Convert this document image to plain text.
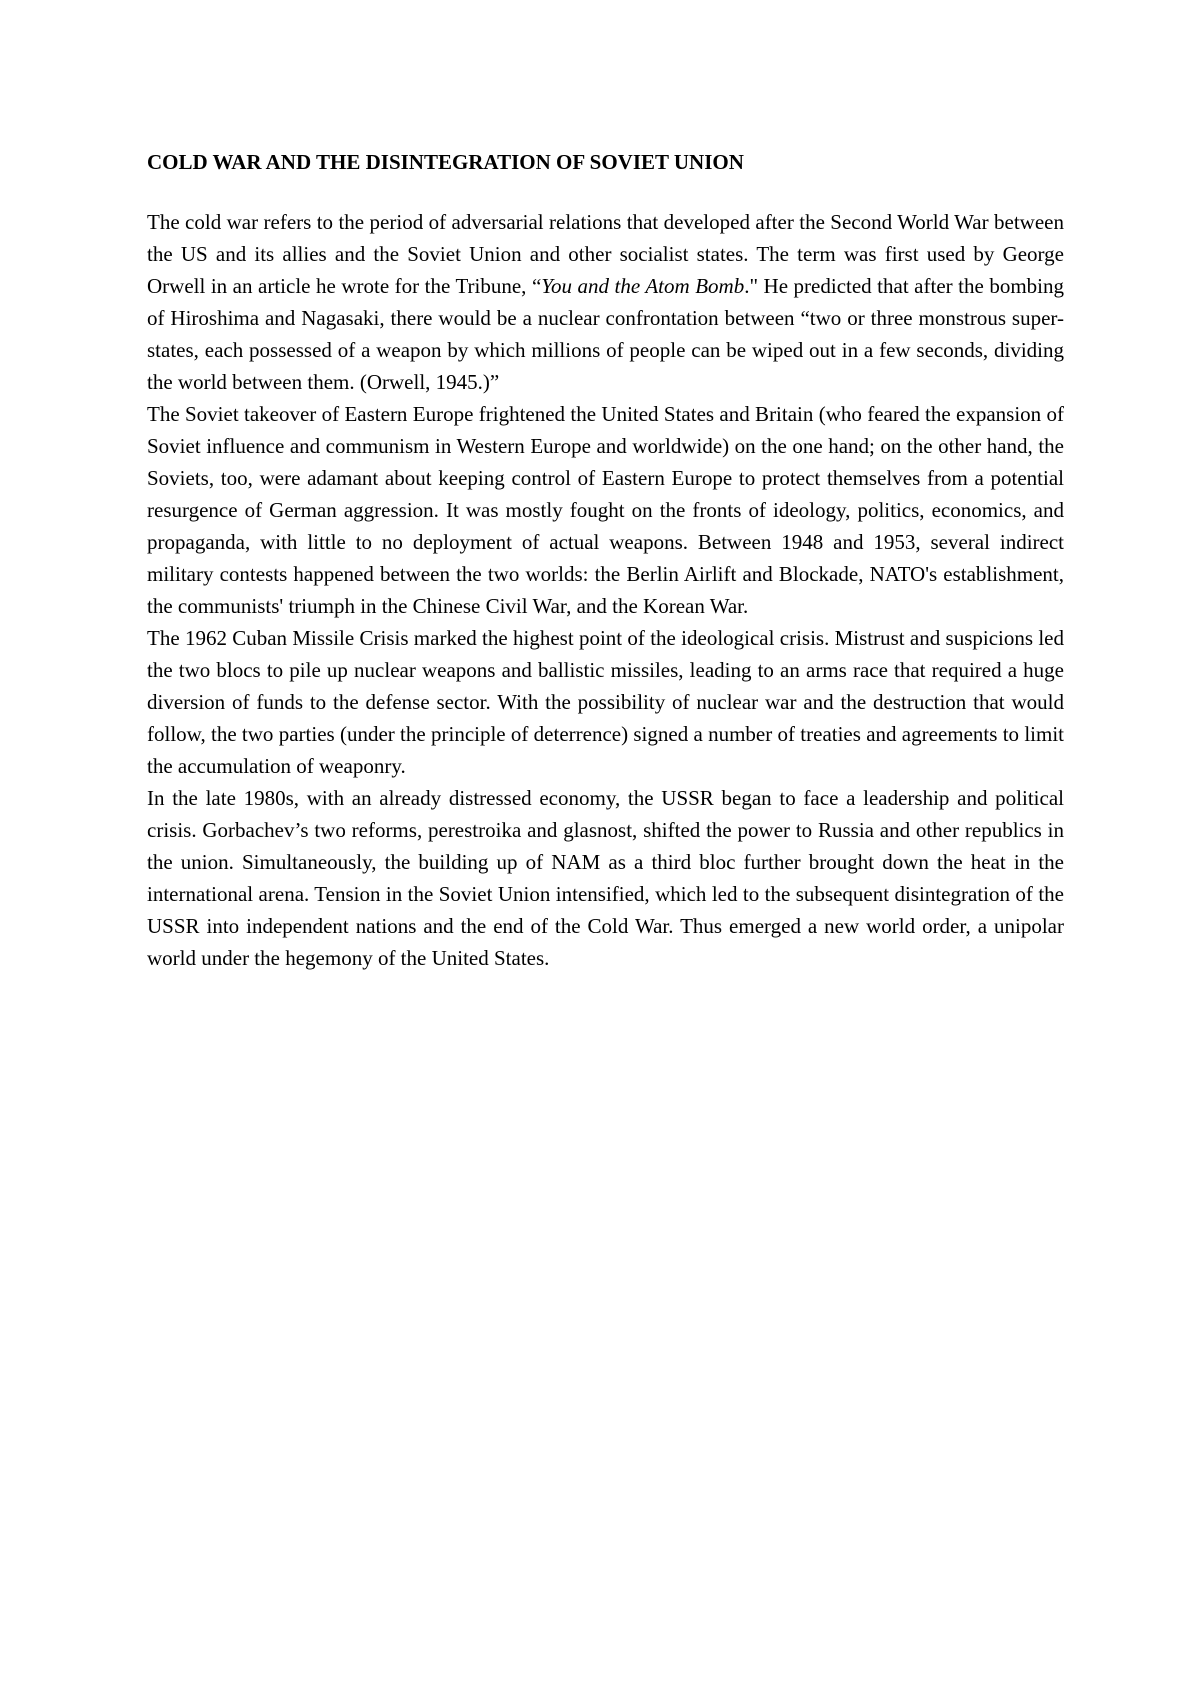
COLD WAR AND THE DISINTEGRATION OF SOVIET UNION

The cold war refers to the period of adversarial relations that developed after the Second World War between the US and its allies and the Soviet Union and other socialist states. The term was first used by George Orwell in an article he wrote for the Tribune, “You and the Atom Bomb." He predicted that after the bombing of Hiroshima and Nagasaki, there would be a nuclear confrontation between “two or three monstrous super-states, each possessed of a weapon by which millions of people can be wiped out in a few seconds, dividing the world between them. (Orwell, 1945.)”

The Soviet takeover of Eastern Europe frightened the United States and Britain (who feared the expansion of Soviet influence and communism in Western Europe and worldwide) on the one hand; on the other hand, the Soviets, too, were adamant about keeping control of Eastern Europe to protect themselves from a potential resurgence of German aggression. It was mostly fought on the fronts of ideology, politics, economics, and propaganda, with little to no deployment of actual weapons. Between 1948 and 1953, several indirect military contests happened between the two worlds: the Berlin Airlift and Blockade, NATO's establishment, the communists' triumph in the Chinese Civil War, and the Korean War.

The 1962 Cuban Missile Crisis marked the highest point of the ideological crisis. Mistrust and suspicions led the two blocs to pile up nuclear weapons and ballistic missiles, leading to an arms race that required a huge diversion of funds to the defense sector. With the possibility of nuclear war and the destruction that would follow, the two parties (under the principle of deterrence) signed a number of treaties and agreements to limit the accumulation of weaponry.

In the late 1980s, with an already distressed economy, the USSR began to face a leadership and political crisis. Gorbachev’s two reforms, perestroika and glasnost, shifted the power to Russia and other republics in the union. Simultaneously, the building up of NAM as a third bloc further brought down the heat in the international arena. Tension in the Soviet Union intensified, which led to the subsequent disintegration of the USSR into independent nations and the end of the Cold War. Thus emerged a new world order, a unipolar world under the hegemony of the United States.
